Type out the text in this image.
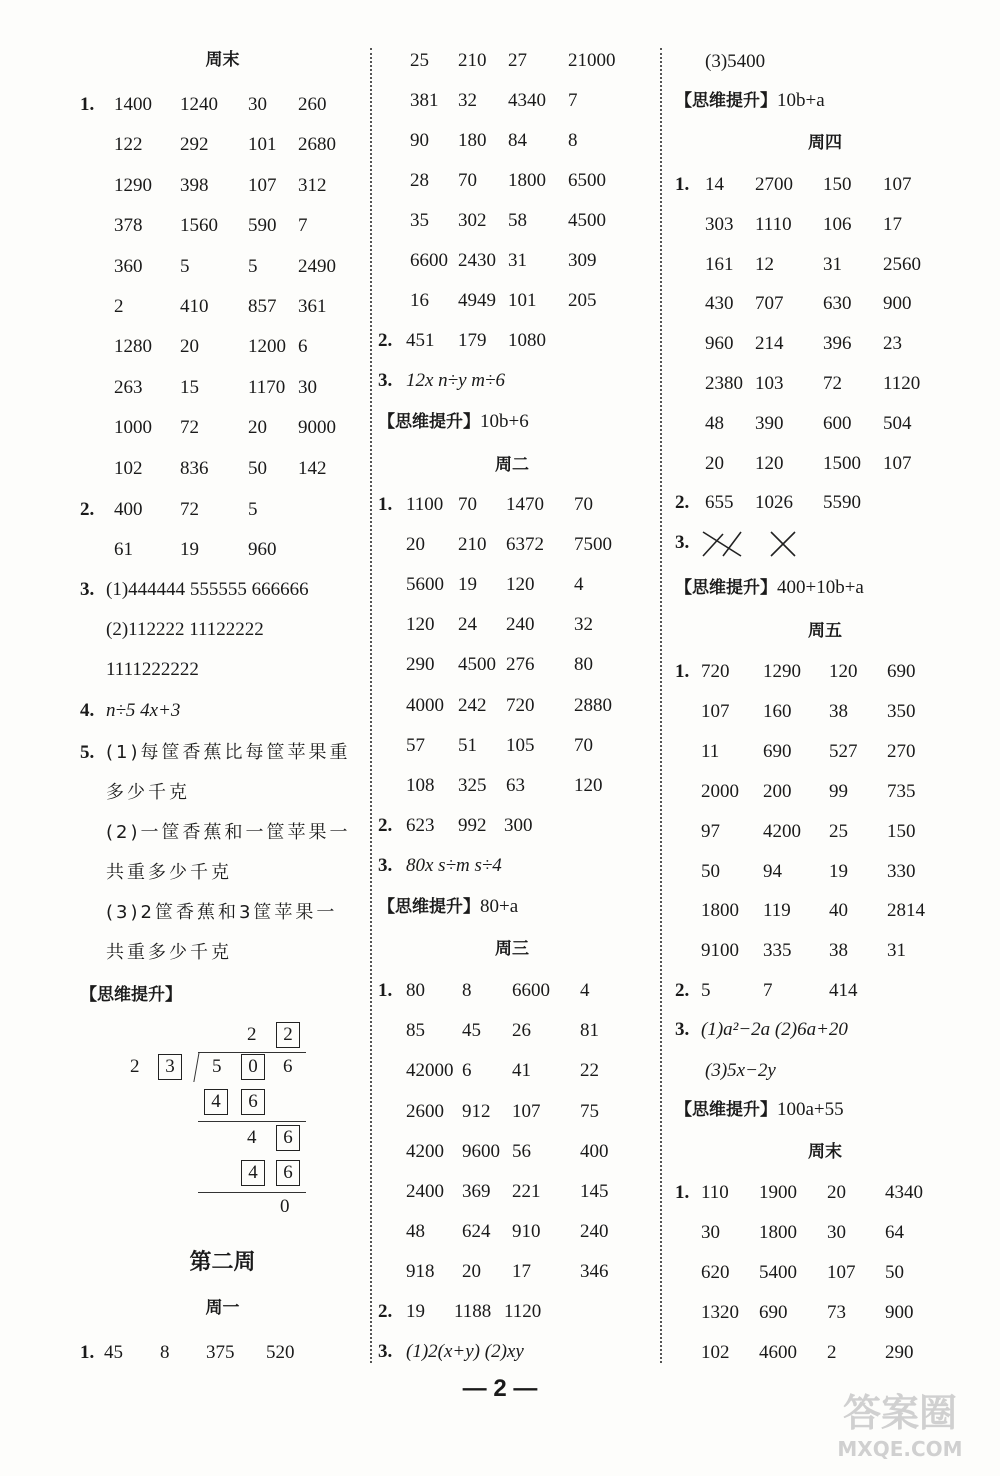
周末
1. 1400 1240 30 260
122 292 101 2680
1290 398 107 312
378 1560 590 7
360 5	5 2490
2	410 857 361
1280 20	1200 6
263 15	1170 30
1000 72	20 9000
102 836 50 142
2. 400 72	5
61 19	960
3. (1)444444 555555 666666
(2)112222 11122222
1111222222
4. n÷5 4x+3
5. (1)每筐香蕉比每筐苹果重
多少千克
(2)一筐香蕉和一筐苹果一
共重多少千克
(3)2筐香蕉和3筐苹果一
共重多少千克
【思维提升】
2	2
2	3	5	0	6
4	6
4	6
4	6
0
第二周
周一
1. 45 8 375 520
25 210 27 21000
381 32 4340 7
90 180 84 8
28 70 1800 6500
35 302 58 4500
6600 2430 31 309
16 4949 101 205
2. 451 179 1080
3. 12x n÷y m÷6
【思维提升】10b+6
周二
1. 1100 70 1470 70
20 210 6372 7500
5600 19 120 4
120 24 240 32
290 4500 276 80
4000 242 720 2880
57 51 105 70
108 325 63	120
2. 623 992 300
3. 80x s÷m s÷4
【思维提升】80+a
周三
1. 80 8 6600 4
85 45 26	81
42000 6 41	22
2600 912 107 75
4200 9600 56	400
2400 369 221 145
48 624 910 240
918 20 17	346
2. 19 1188 1120
3. (1)2(x+y) (2)xy
(3)5400
【思维提升】10b+a
周四
1. 14 2700 150 107
303 1110 106 17
161 12	31 2560
430 707 630 900
960 214 396 23
2380 103 72 1120
48 390 600 504
20 120 1500 107
2. 655 1026 5590
3.
【思维提升】400+10b+a
周五
1. 720 1290 120 690
107 160 38 350
11 690 527 270
2000 200 99 735
97 4200 25 150
50 94 19 330
1800 119 40 2814
9100 335 38 31
2. 5	7	414
3. (1)a²−2a (2)6a+20
(3)5x−2y
【思维提升】100a+55
周末
1. 110 1900 20 4340
30 1800 30 64
620 5400 107 50
1320 690 73 900
102 4600 2	290
— 2 —
答案圈
MXQE.COM
